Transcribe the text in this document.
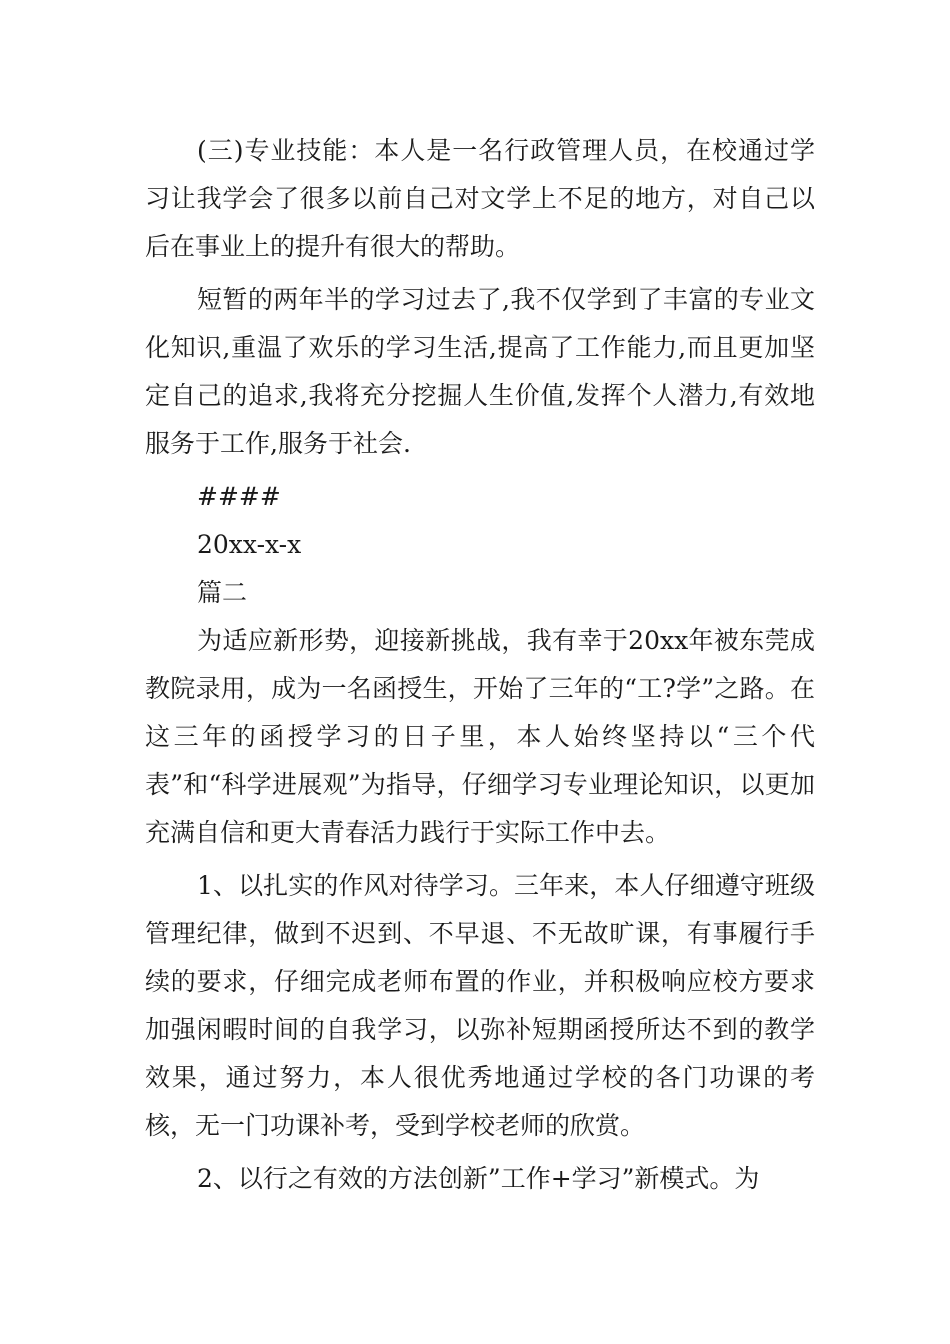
(三)专业技能：本人是一名行政管理人员，在校通过学习让我学会了很多以前自己对文学上不足的地方，对自己以后在事业上的提升有很大的帮助。

短暂的两年半的学习过去了,我不仅学到了丰富的专业文化知识,重温了欢乐的学习生活,提高了工作能力,而且更加坚定自己的追求,我将充分挖掘人生价值,发挥个人潜力,有效地服务于工作,服务于社会.

####

20xx-x-x

篇二

为适应新形势，迎接新挑战，我有幸于20xx年被东莞成教院录用，成为一名函授生，开始了三年的“工?学”之路。在这三年的函授学习的日子里，本人始终坚持以“三个代表”和“科学进展观”为指导，仔细学习专业理论知识，以更加充满自信和更大青春活力践行于实际工作中去。

1、以扎实的作风对待学习。三年来，本人仔细遵守班级管理纪律，做到不迟到、不早退、不无故旷课，有事履行手续的要求，仔细完成老师布置的作业，并积极响应校方要求加强闲暇时间的自我学习，以弥补短期函授所达不到的教学效果，通过努力，本人很优秀地通过学校的各门功课的考核，无一门功课补考，受到学校老师的欣赏。

2、以行之有效的方法创新”工作+学习”新模式。为
